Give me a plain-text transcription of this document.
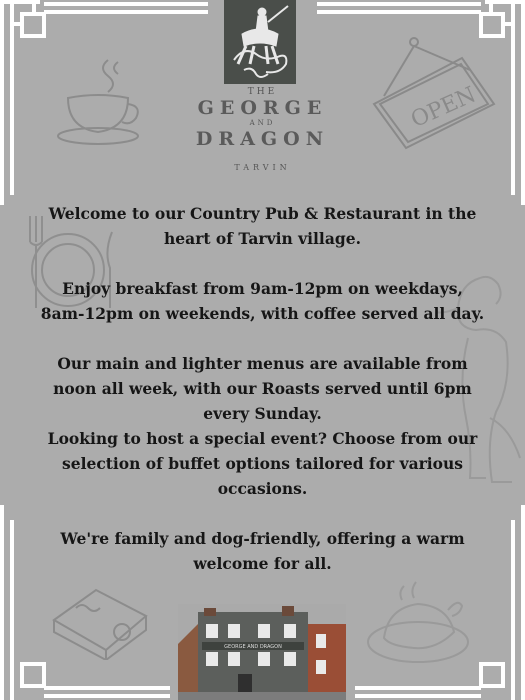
OPEN
THE
GEORGE
AND
DRAGON
TARVIN

Welcome to our Country Pub & Restaurant in the heart of Tarvin village.

Enjoy breakfast from 9am-12pm on weekdays, 8am-12pm on weekends, with coffee served all day.

Our main and lighter menus are available from noon all week, with our Roasts served until 6pm every Sunday.

Looking to host a special event? Choose from our selection of buffet options tailored for various occasions.

We're family and dog-friendly, offering a warm welcome for all.

GEORGE AND DRAGON
